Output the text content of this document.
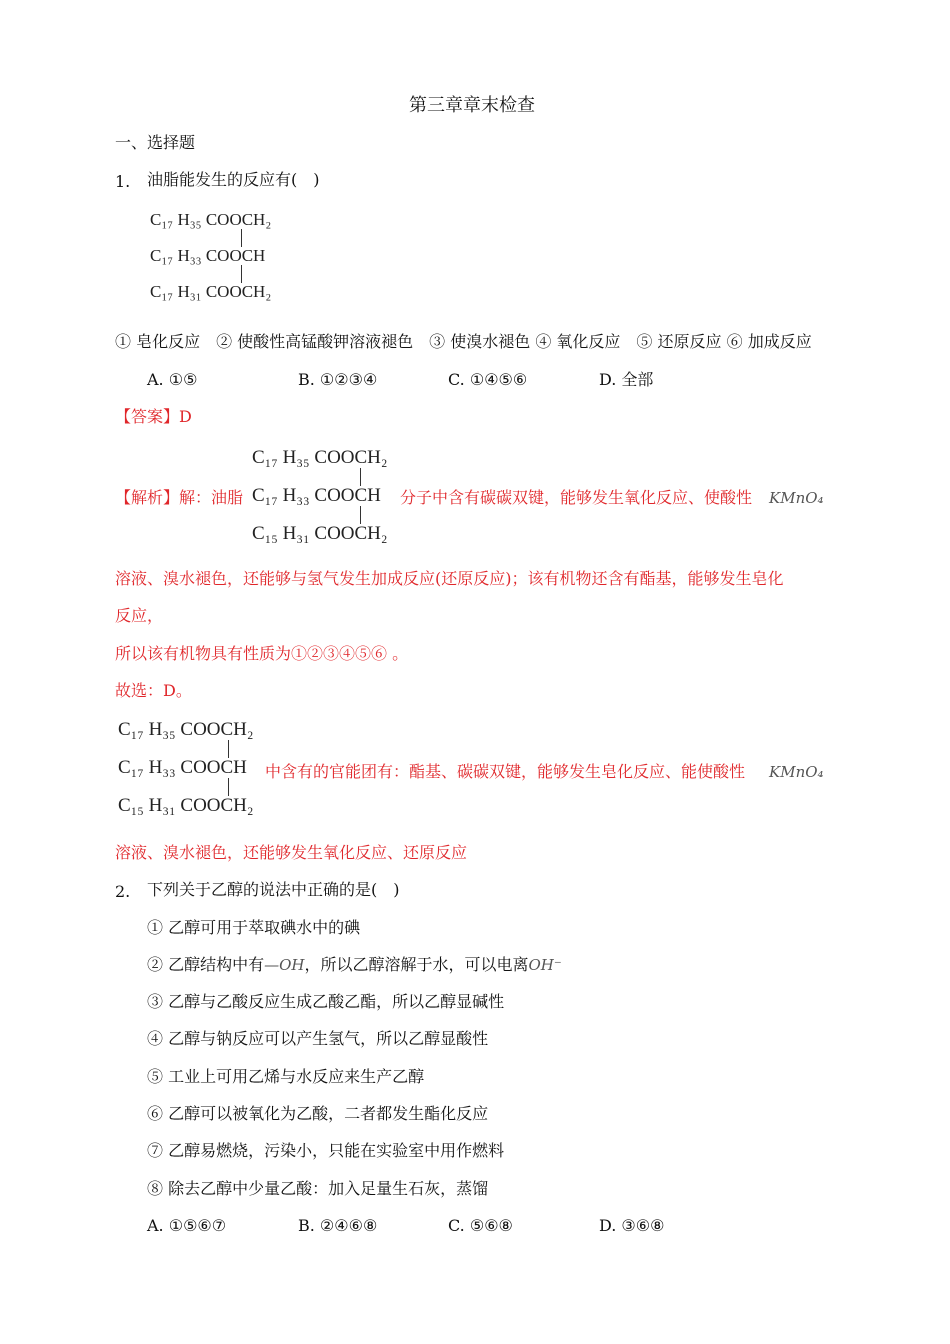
第三章章末检查
一、选择题
1. 油脂能发生的反应有(　)
C₁₇ H₃₅ COOCH₂
C₁₇ H₃₃ COOCH
C₁₇ H₃₁ COOCH₂
① 皂化反应　② 使酸性高锰酸钾溶液褪色　③ 使溴水褪色 ④ 氧化反应　⑤ 还原反应 ⑥ 加成反应
A. ①⑤	B. ①②③④	C. ①④⑤⑥	D. 全部
【答案】D
【解析】解：油脂
C₁₇ H₃₅ COOCH₂
C₁₇ H₃₃ COOCH
C₁₅ H₃₁ COOCH₂
分子中含有碳碳双键，能够发生氧化反应、使酸性 KMnO₄
溶液、溴水褪色，还能够与氢气发生加成反应(还原反应)；该有机物还含有酯基，能够发生皂化
反应，
所以该有机物具有性质为①②③④⑤⑥ 。
故选：D。
C₁₇ H₃₅ COOCH₂
C₁₇ H₃₃ COOCH
C₁₅ H₃₁ COOCH₂
中含有的官能团有：酯基、碳碳双键，能够发生皂化反应、能使酸性 KMnO₄
溶液、溴水褪色，还能够发生氧化反应、还原反应
2. 下列关于乙醇的说法中正确的是(　)
① 乙醇可用于萃取碘水中的碘
② 乙醇结构中有—OH，所以乙醇溶解于水，可以电离OH⁻
③ 乙醇与乙酸反应生成乙酸乙酯，所以乙醇显碱性
④ 乙醇与钠反应可以产生氢气，所以乙醇显酸性
⑤ 工业上可用乙烯与水反应来生产乙醇
⑥ 乙醇可以被氧化为乙酸，二者都发生酯化反应
⑦ 乙醇易燃烧，污染小，只能在实验室中用作燃料
⑧ 除去乙醇中少量乙酸：加入足量生石灰，蒸馏
A. ①⑤⑥⑦	B. ②④⑥⑧	C. ⑤⑥⑧	D. ③⑥⑧
